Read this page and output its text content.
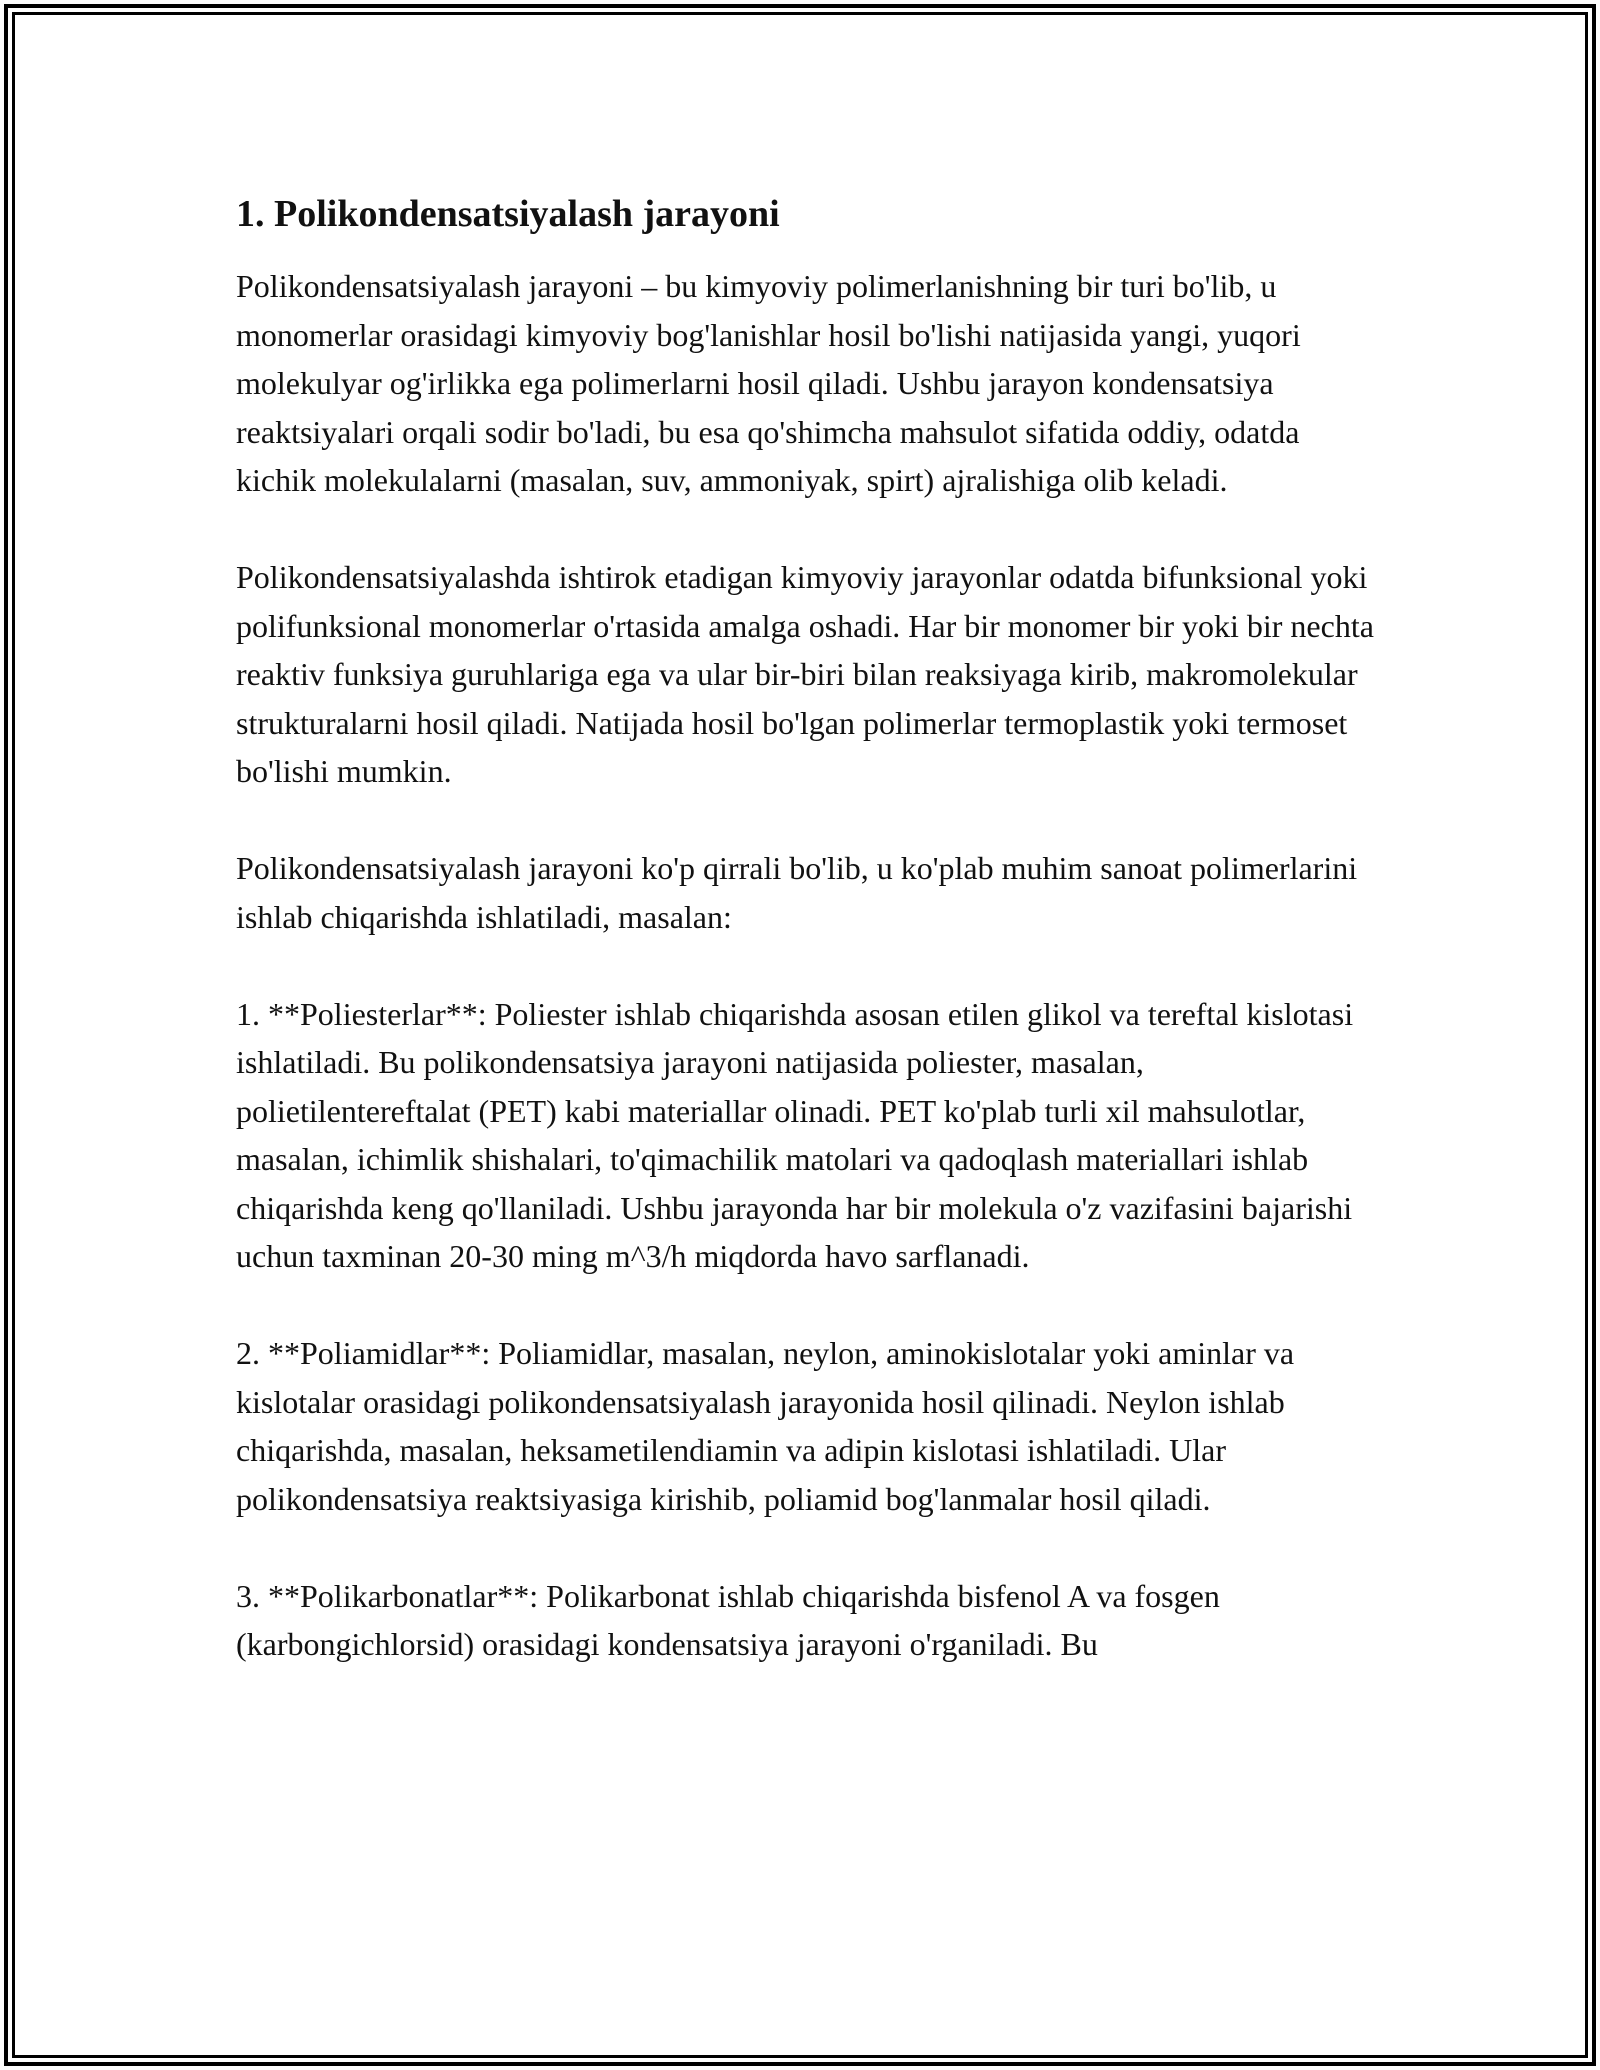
1. Polikondensatsiyalash jarayoni

Polikondensatsiyalash jarayoni – bu kimyoviy polimerlanishning bir turi bo'lib, u monomerlar orasidagi kimyoviy bog'lanishlar hosil bo'lishi natijasida yangi, yuqori molekulyar og'irlikka ega polimerlarni hosil qiladi. Ushbu jarayon kondensatsiya reaktsiyalari orqali sodir bo'ladi, bu esa qo'shimcha mahsulot sifatida oddiy, odatda kichik molekulalarni (masalan, suv, ammoniyak, spirt) ajralishiga olib keladi.

Polikondensatsiyalashda ishtirok etadigan kimyoviy jarayonlar odatda bifunksional yoki polifunksional monomerlar o'rtasida amalga oshadi. Har bir monomer bir yoki bir nechta reaktiv funksiya guruhlariga ega va ular bir-biri bilan reaksiyaga kirib, makromolekular strukturalarni hosil qiladi. Natijada hosil bo'lgan polimerlar termoplastik yoki termoset bo'lishi mumkin.

Polikondensatsiyalash jarayoni ko'p qirrali bo'lib, u ko'plab muhim sanoat polimerlarini ishlab chiqarishda ishlatiladi, masalan:

1. **Poliesterlar**: Poliester ishlab chiqarishda asosan etilen glikol va tereftal kislotasi ishlatiladi. Bu polikondensatsiya jarayoni natijasida poliester, masalan, polietilentereftalat (PET) kabi materiallar olinadi. PET ko'plab turli xil mahsulotlar, masalan, ichimlik shishalari, to'qimachilik matolari va qadoqlash materiallari ishlab chiqarishda keng qo'llaniladi. Ushbu jarayonda har bir molekula o'z vazifasini bajarishi uchun taxminan 20-30 ming m^3/h miqdorda havo sarflanadi.

2. **Poliamidlar**: Poliamidlar, masalan, neylon, aminokislotalar yoki aminlar va kislotalar orasidagi polikondensatsiyalash jarayonida hosil qilinadi. Neylon ishlab chiqarishda, masalan, heksametilendiamin va adipin kislotasi ishlatiladi. Ular polikondensatsiya reaktsiyasiga kirishib, poliamid bog'lanmalar hosil qiladi.

3. **Polikarbonatlar**: Polikarbonat ishlab chiqarishda bisfenol A va fosgen (karbongichlorsid) orasidagi kondensatsiya jarayoni o'rganiladi. Bu
